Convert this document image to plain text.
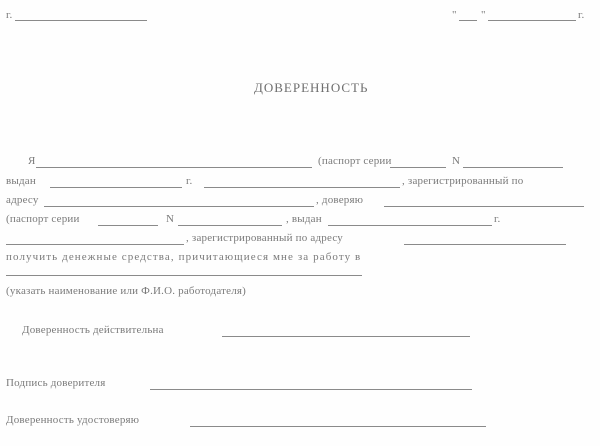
г.	" "	г.
ДОВЕРЕННОСТЬ
Я	(паспорт серии	N
выдан	г.	, зарегистрированный по
адресу	, доверяю
(паспорт серии	N	, выдан	г.
, зарегистрированный по адресу
получить денежные средства, причитающиеся мне за работу в
(указать наименование или Ф.И.О. работодателя)
Доверенность действительна
Подпись доверителя
Доверенность удостоверяю
